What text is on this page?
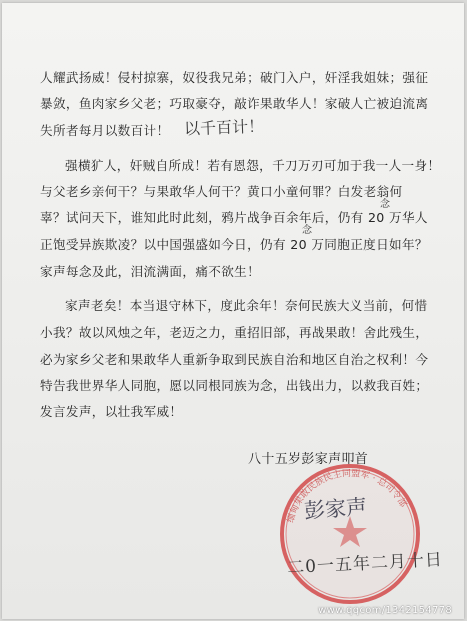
人耀武扬威！侵村掠寨，奴役我兄弟；破门入户，奸淫我姐妹；强征
暴敛，鱼肉家乡父老；巧取豪夺，敲诈果敢华人！家破人亡被迫流离
失所者每月以数百计！ 以千百计！
强横犷人，奸贼自所成！若有恩怨，千刀万刃可加于我一人一身！
与父老乡亲何干？与果敢华人何干？黄口小童何罪？白发老翁何
辜？试问天下，谁知此时此刻，鸦片战争百余年后，仍有 20 万华人
念
正饱受异族欺凌？以中国强盛如今日，仍有 20 万同胞正度日如年？
念
家声每念及此，泪流满面，痛不欲生！
家声老矣！本当退守林下，度此余年！奈何民族大义当前，何惜
小我？故以风烛之年，老迈之力，重招旧部，再战果敢！舍此残生，
必为家乡父老和果敢华人重新争取到民族自治和地区自治之权利！今
特告我世界华人同胞，愿以同根同族为念，出钱出力，以救我百姓；
发言发声，以壮我军威！
八十五岁彭家声叩首
缅甸果敢民族民主同盟军 · 总司令部
彭家声
二0一五年二月十日
www.qqcom/1342154778
